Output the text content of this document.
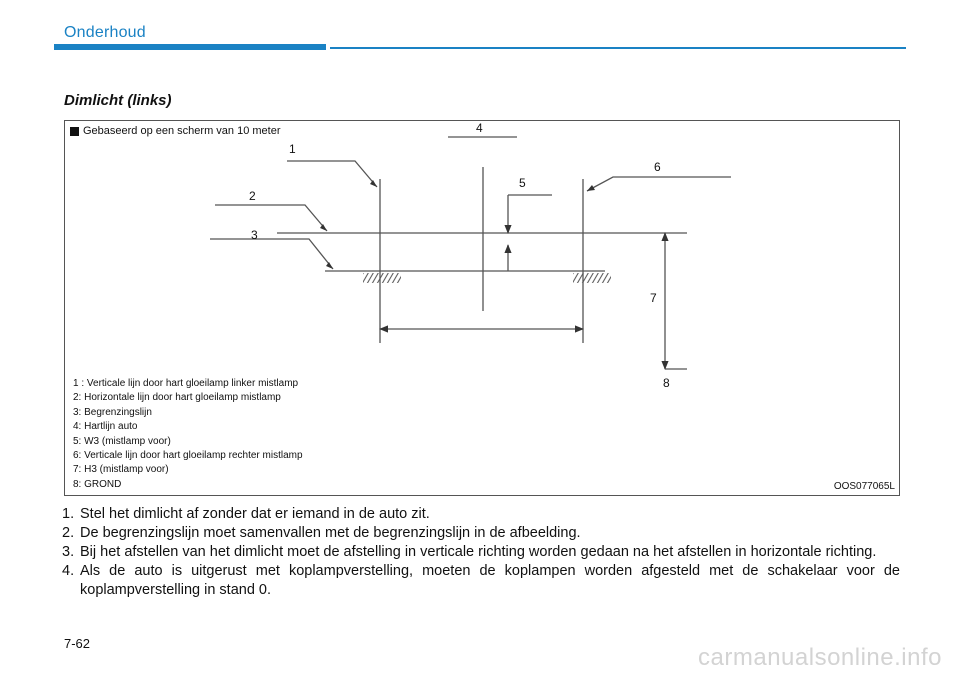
Onderhoud
Dimlicht (links)
Gebaseerd op een scherm van 10 meter
1
2
3
4
5
6
7
8
1 : Verticale lijn door hart gloeilamp linker mistlamp
2: Horizontale lijn door hart gloeilamp mistlamp
3: Begrenzingslijn
4: Hartlijn auto
5: W3 (mistlamp voor)
6: Verticale lijn door hart gloeilamp rechter mistlamp
7: H3 (mistlamp voor)
8: GROND	OOS077065L
1. Stel het dimlicht af zonder dat er iemand in de auto zit.
2. De begrenzingslijn moet samenvallen met de begrenzingslijn in de afbeelding.
3. Bij het afstellen van het dimlicht moet de afstelling in verticale richting worden gedaan na het afstellen in horizontale richting.
4. Als de auto is uitgerust met koplampverstelling, moeten de koplampen worden afgesteld met de schakelaar voor de koplampverstelling in stand 0.
7-62
carmanualsonline.info
